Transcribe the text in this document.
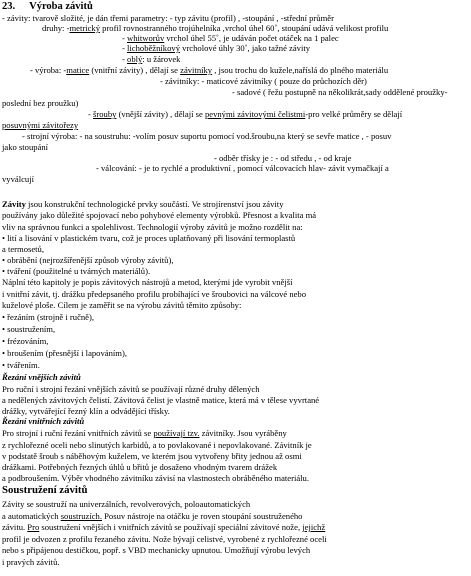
23. Výroba závitů
- závity: tvarově složité, je dán třemi parametry: - typ závitu (profil) , -stoupání , -střední průměr
druhy: -metrický profil rovnostranného trojúhelníka ,vrchol úhel 60˚, stoupání udává velikost profilu
- whitworův vrchol úhel 55˚, je udáván počet otáček na 1 palec
- lichoběžníkový vrcholové úhly 30˚, jako tažné závity
- oblý: u žárovek
- výroba: -matice (vnitřní závity) , dělají se závitníky , jsou trochu do kužele,naříslá do plného materiálu
- závitníky: - maticové závitníky ( pouze do průchozích děr)
- sadové ( řežu postupně na několikrát,sady oddělené proužky-
poslední bez proužku)
- šrouby (vnější závity) , dělají se pevnými závitovými čelistmi-pro velké průměry se dělají
posuvnými závitořezy
- strojní výroba: - na soustruhu: -volím posuv suportu pomocí vod.šroubu,na který se sevře matice , - posuv
jako stoupání
- odběr třísky je : - od středu , - od kraje
- válcování: - je to rychlé a produktivní , pomocí válcovacích hlav- závit vymačkají a
vyválcují
Závity jsou konstrukční technologické prvky součástí. Ve strojírenství jsou závity
používány jako důležité spojovací nebo pohybové elementy výrobků. Přesnost a kvalita má
vliv na správnou funkci a spolehlivost. Technologií výroby závitů je možno rozdělit na:
• lití a lisování v plastickém tvaru, což je proces uplatňovaný při lisování termoplastů
a termosetů,
• obrábění (nejrozšířenější způsob výroby závitů),
• tváření (použitelné u tvárných materiálů).
Náplní této kapitoly je popis závitových nástrojů a metod, kterými jde vyrobit vnější
i vnitřní závit, tj. drážku předepsaného profilu probíhající ve šroubovici na válcové nebo
kuželové ploše. Cílem je zaměřit se na výrobu závitů těmito způsoby:
• řezáním (strojně i ručně),
• soustružením,
• frézováním,
• broušením (přesnější i lapováním),
• tvářením.
Řezání vnějších závitů
Pro ruční i strojní řezání vnějších závitů se používají různé druhy dělených
a nedělených závitových čelistí. Závitová čelist je vlastně matice, která má v tělese vyvrtané
drážky, vytvářející řezný klín a odvádějící třísky.
Řezání vnitřních závitů
Pro strojní i ruční řezání vnitřních závitů se používají tzv. závitníky. Jsou vyráběny
z rychlořezné oceli nebo slinutých karbidů, a to povlakované i nepovlakované. Závitník je
v podstatě šroub s náběhovým kuželem, ve kterém jsou vytvořeny břity jednou až osmi
drážkami. Potřebných řezných úhlů u břitů je dosaženo vhodným tvarem drážek
a podbroušením. Výběr vhodného závitníku závisí na vlastnostech obráběného materiálu.
Soustružení závitů
Závity se soustruží na univerzálních, revolverových, poloautomatických
a automatických soustruzích. Posuv nástroje na otáčku je roven stoupání soustruženého
závitu. Pro soustružení vnějších i vnitřních závitů se používají speciální závitové nože, jejichž
profil je odvozen z profilu řezaného závitu. Nože bývají celistvé, vyrobené z rychlořezné oceli
nebo s připájenou destičkou, popř. s VBD mechanicky upnutou. Umožňují výrobu levých
i pravých závitů.
